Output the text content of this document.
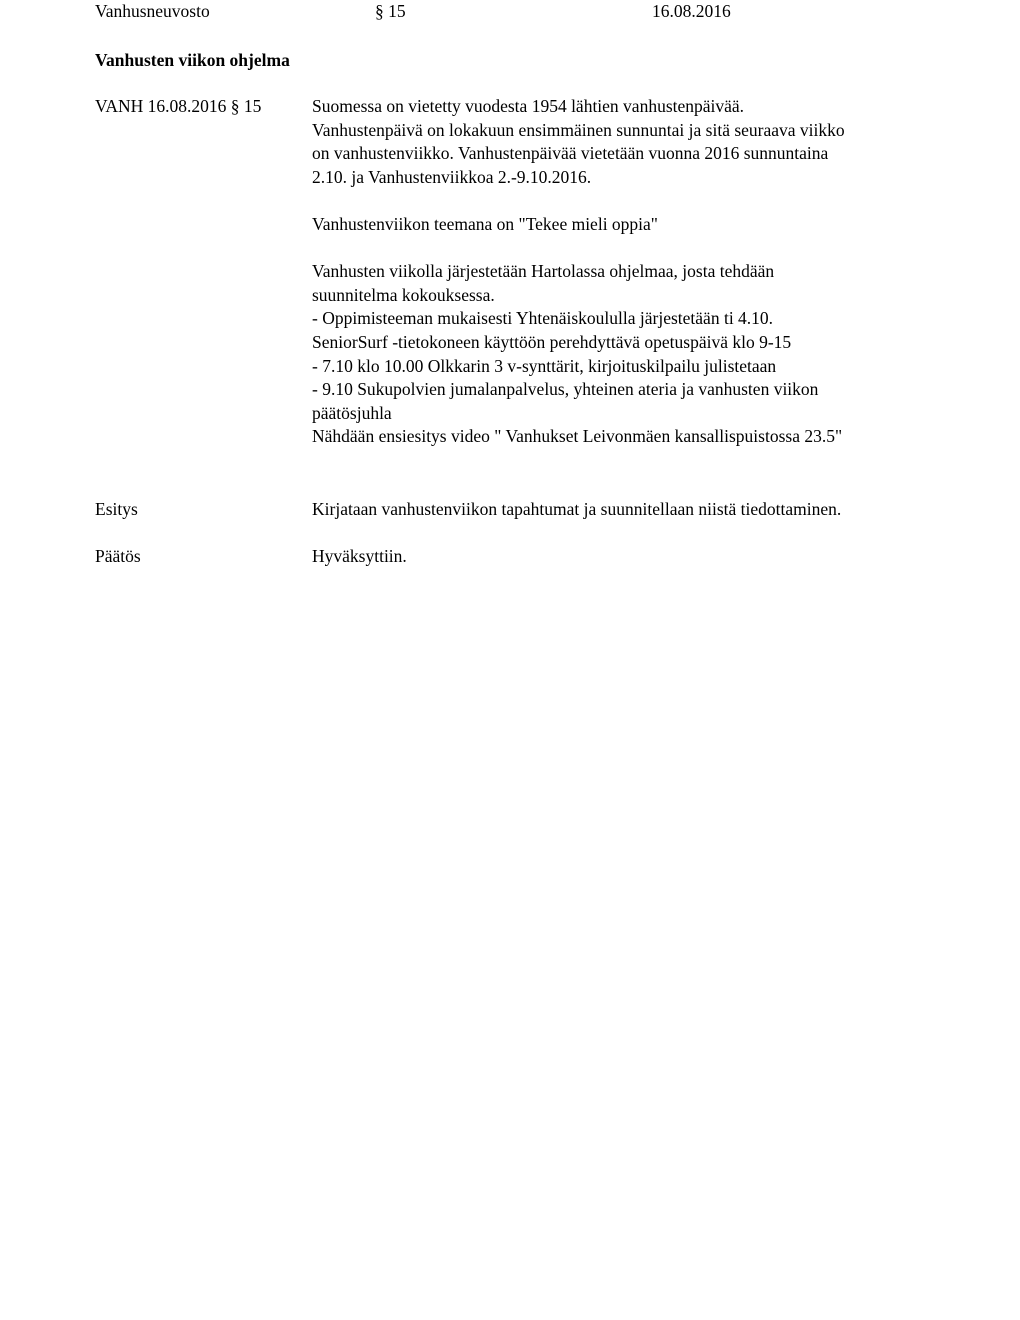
Vanhusneuvosto	§ 15	16.08.2016
Vanhusten viikon ohjelma
VANH 16.08.2016 § 15	Suomessa on vietetty vuodesta 1954 lähtien vanhustenpäivää.
Vanhustenpäivä on lokakuun ensimmäinen sunnuntai ja sitä seuraava viikko
on vanhustenviikko. Vanhustenpäivää vietetään vuonna 2016 sunnuntaina
2.10. ja Vanhustenviikkoa 2.-9.10.2016.
Vanhustenviikon teemana on "Tekee mieli oppia"
Vanhusten viikolla järjestetään Hartolassa ohjelmaa, josta tehdään
suunnitelma kokouksessa.
- Oppimisteeman mukaisesti Yhtenäiskoululla järjestetään ti 4.10.
SeniorSurf -tietokoneen käyttöön perehdyttävä opetuspäivä klo 9-15
- 7.10 klo 10.00 Olkkarin 3 v-synttärit, kirjoituskilpailu julistetaan
- 9.10 Sukupolvien jumalanpalvelus, yhteinen ateria ja vanhusten viikon
päätösjuhla
Nähdään ensiesitys video " Vanhukset Leivonmäen kansallispuistossa 23.5"
Esitys	Kirjataan vanhustenviikon tapahtumat ja suunnitellaan niistä tiedottaminen.
Päätös	Hyväksyttiin.
